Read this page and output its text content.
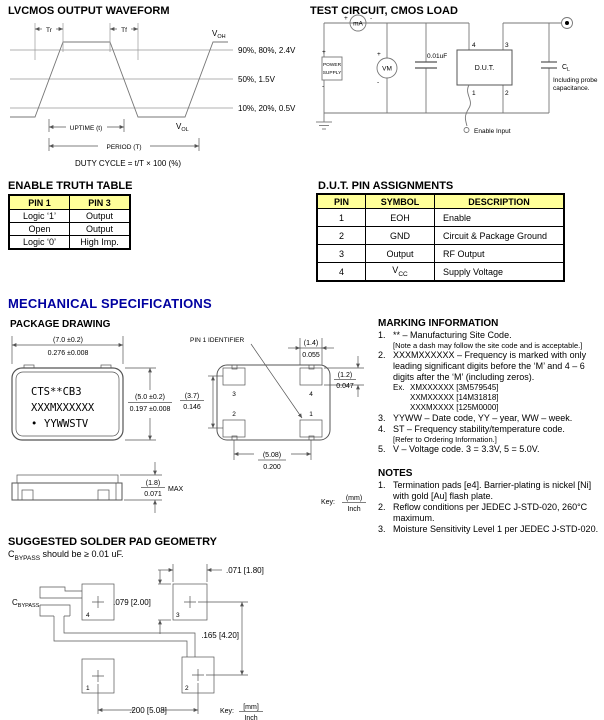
LVCMOS OUTPUT WAVEFORM
Tr	Tf	$V_{OH}$
$V_{OL}$
90%, 80%, 2.4V
50%, 1.5V
10%, 20%, 0.5V
UPTIME (t)
PERIOD (T)
DUTY CYCLE = t/T × 100 (%)
TEST CIRCUIT, CMOS LOAD
mA
+	-
POWER
SUPPLY
+
-
VM
+
-
0.01uF
D.U.T.
4	3
1	2
$C_L$
Including probe
capacitance.
Enable Input
ENABLE TRUTH TABLE
PIN 1	PIN 3
Logic ‘1’	Output
Open	Output
Logic ‘0’	High Imp.
D.U.T. PIN ASSIGNMENTS
PIN	SYMBOL	DESCRIPTION
1	EOH	Enable
2	GND	Circuit & Package Ground
3	Output	RF Output
4	$V_{CC}$	Supply Voltage
MECHANICAL SPECIFICATIONS
PACKAGE DRAWING
CTS**CB3
XXXMXXXXXX
• YYWWSTV
(7.0 ±0.2)
0.276 ±0.008
(5.0 ±0.2)
0.197 ±0.008
(1.8)
0.071
MAX
3	4
2	1
PIN 1 IDENTIFIER	(1.4)
0.055
(1.2)
0.047
(3.7)
0.146
(5.08)
0.200
Key:
(mm)
Inch
MARKING INFORMATION
1. ** – Manufacturing Site Code.
[Note a dash may follow the site code and is acceptable.]
2. XXXMXXXXXX – Frequency is marked with only leading significant digits before the ‘M’ and 4 – 6 digits after the ‘M’ (including zeros).
Ex. XMXXXXXX [3M579545]
XXMXXXXX [14M31818]
XXXMXXXX [125M0000]
3. YYWW – Date code, YY – year, WW – week.
4. ST – Frequency stability/temperature code.
[Refer to Ordering Information.]
5. V – Voltage code. 3 = 3.3V, 5 = 5.0V.
NOTES
1. Termination pads [e4]. Barrier-plating is nickel [Ni] with gold [Au] flash plate.
2. Reflow conditions per JEDEC J-STD-020, 260°C maximum.
3. Moisture Sensitivity Level 1 per JEDEC J-STD-020.
SUGGESTED SOLDER PAD GEOMETRY
$C_{BYPASS}$ should be ≥ 0.01 uF.
4	3
1	2
$C_{BYPASS}$
.071 [1.80]
.079 [2.00]
.165 [4.20]
.200 [5.08]	Key:
[mm]
Inch
